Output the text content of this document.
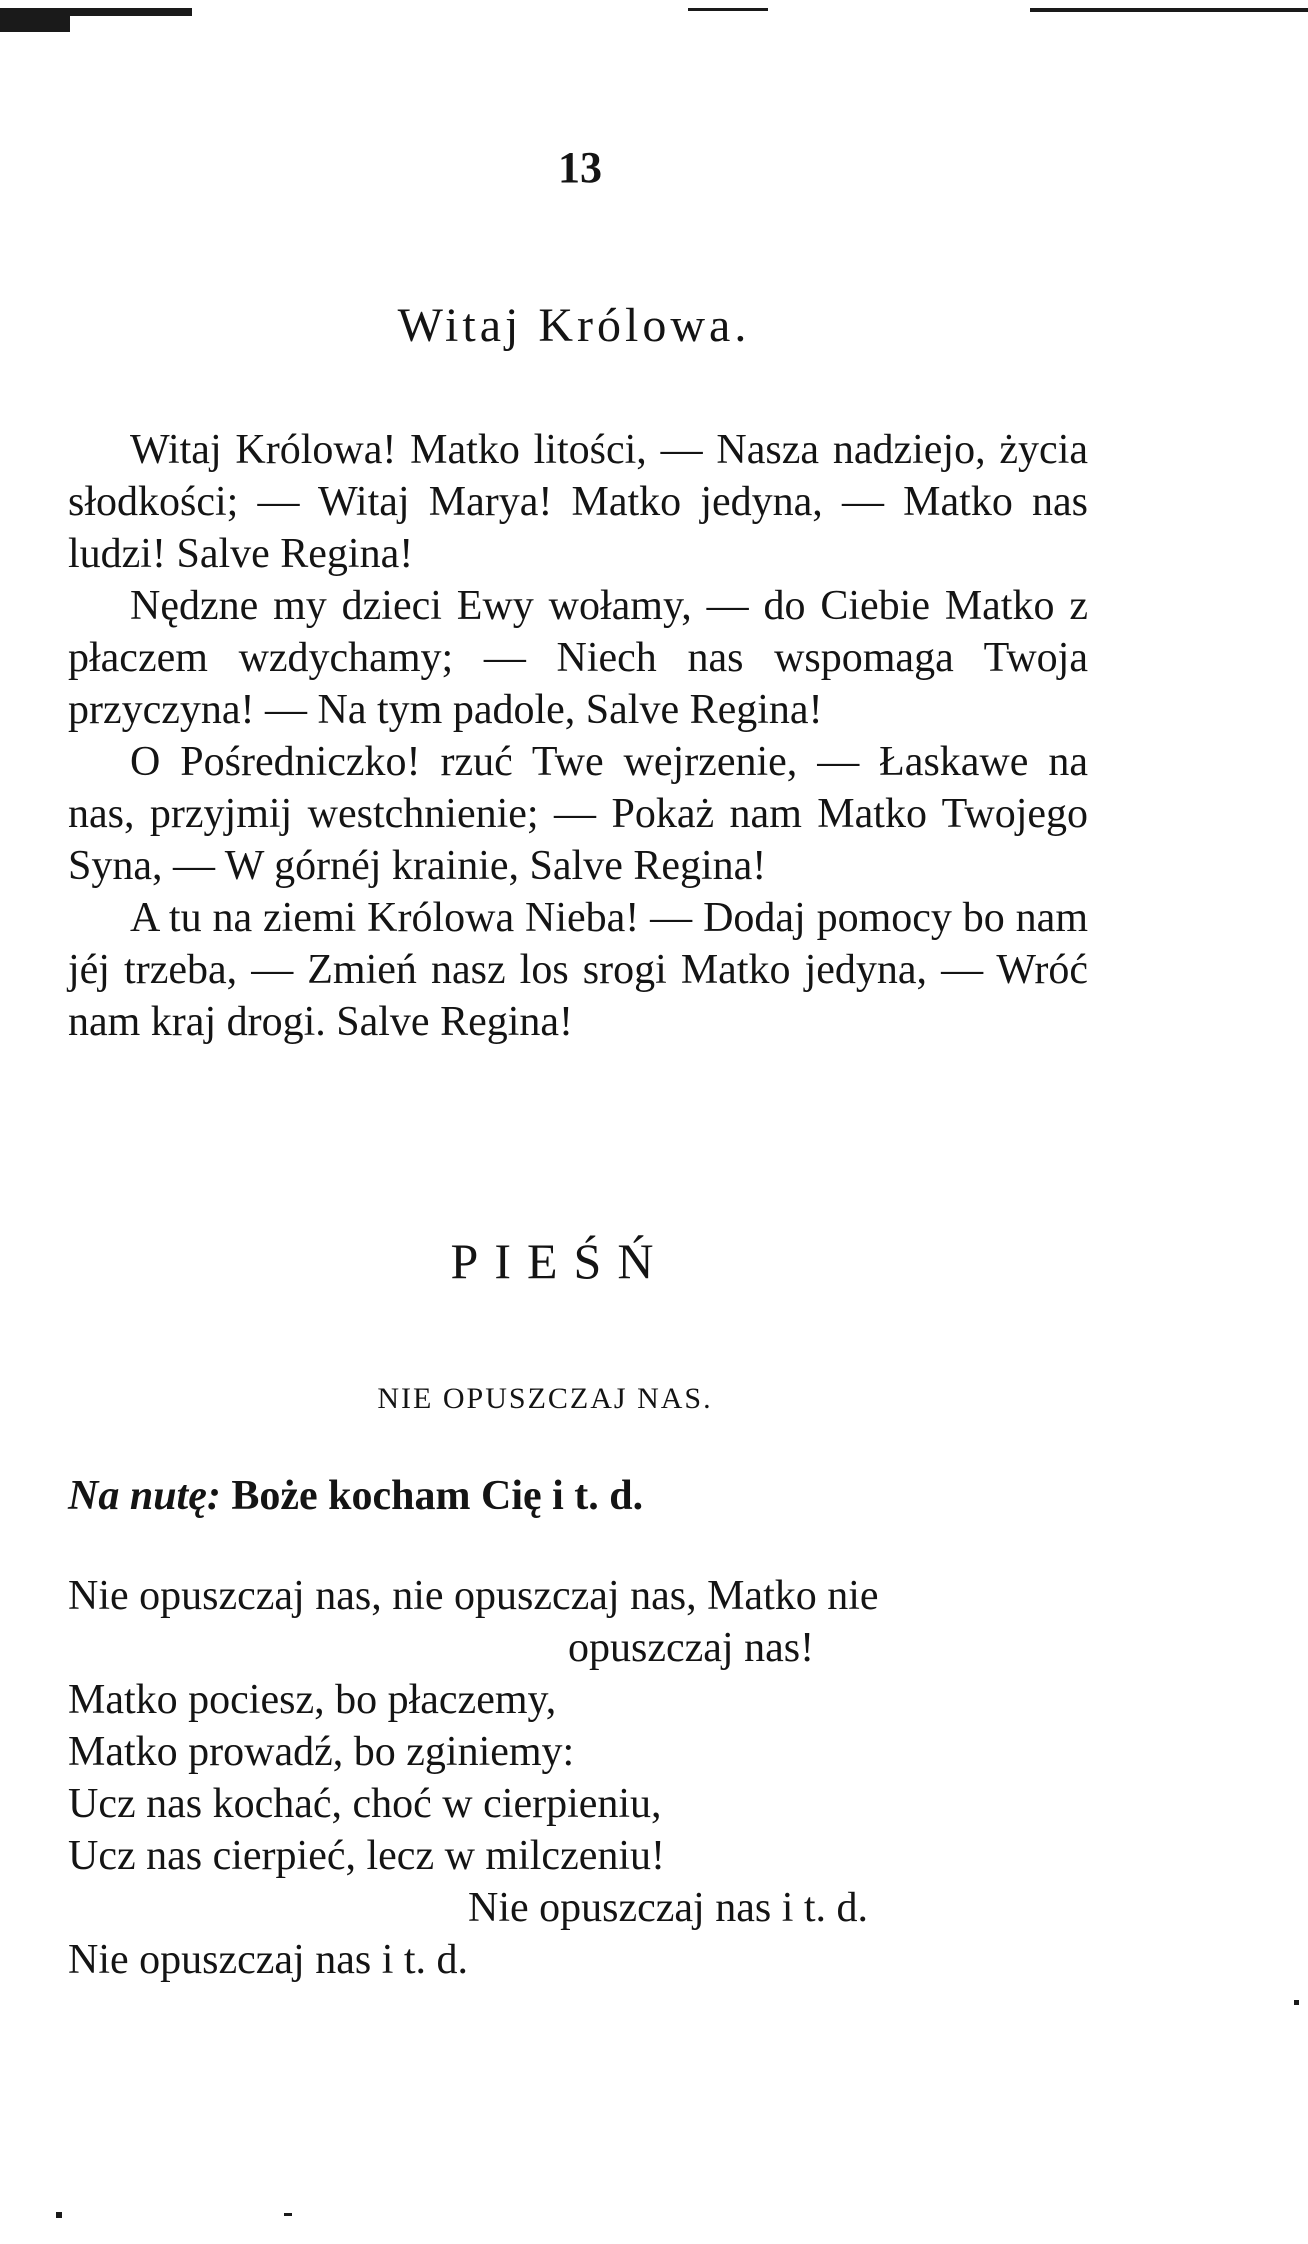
13
Witaj Królowa.

Witaj Królowa! Matko litości, — Nasza nadziejo, życia słodkości; — Witaj Marya! Matko jedyna, — Matko nas ludzi! Salve Regina!

Nędzne my dzieci Ewy wołamy, — do Ciebie Matko z płaczem wzdychamy; — Niech nas wspomaga Twoja przyczyna! — Na tym padole, Salve Regina!

O Pośredniczko! rzuć Twe wejrzenie, — Łaskawe na nas, przyjmij westchnienie; — Pokaż nam Matko Twojego Syna, — W górnéj krainie, Salve Regina!

A tu na ziemi Królowa Nieba! — Dodaj pomocy bo nam jéj trzeba, — Zmień nasz los srogi Matko jedyna, — Wróć nam kraj drogi. Salve Regina!

PIEŚŃ
NIE OPUSZCZAJ NAS.
Na nutę: Boże kocham Cię i t. d.
Nie opuszczaj nas, nie opuszczaj nas, Matko nie
opuszczaj nas!
Matko pociesz, bo płaczemy,
Matko prowadź, bo zginiemy:
Ucz nas kochać, choć w cierpieniu,
Ucz nas cierpieć, lecz w milczeniu!
Nie opuszczaj nas i t. d.
Nie opuszczaj nas i t. d.
